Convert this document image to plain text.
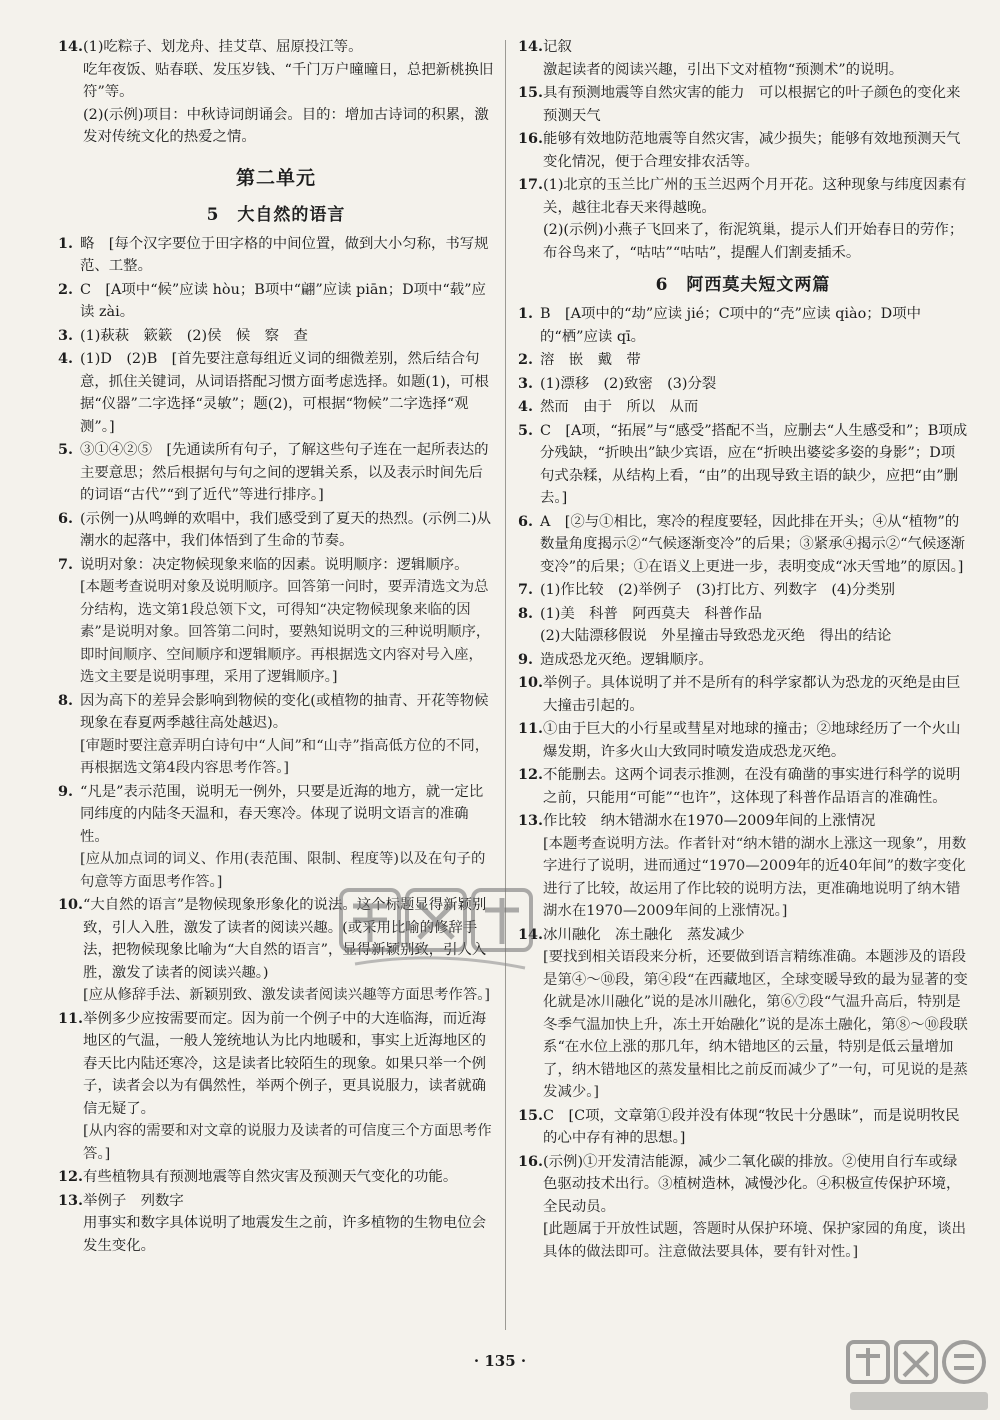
14. (1)吃粽子、划龙舟、挂艾草、屈原投江等。
吃年夜饭、贴春联、发压岁钱、“千门万户曈曈日，总把新桃换旧符”等。
(2)(示例)项目：中秋诗词朗诵会。目的：增加古诗词的积累，激发对传统文化的热爱之情。
第二单元
5　大自然的语言
1. 略　[每个汉字要位于田字格的中间位置，做到大小匀称，书写规范、工整。
2. C　[A项中“候”应读 hòu；B项中“翩”应读 piān；D项中“载”应读 zài。
3. (1)萩萩　簌簌　(2)侯　候　察　查
4. (1)D　(2)B　[首先要注意每组近义词的细微差别，然后结合句意，抓住关键词，从词语搭配习惯方面考虑选择。如题(1)，可根据“仪器”二字选择“灵敏”；题(2)，可根据“物候”二字选择“观测”。]
5. ③①④②⑤　[先通读所有句子，了解这些句子连在一起所表达的主要意思；然后根据句与句之间的逻辑关系，以及表示时间先后的词语“古代”“到了近代”等进行排序。]
6. (示例一)从鸣蝉的欢唱中，我们感受到了夏天的热烈。(示例二)从潮水的起落中，我们体悟到了生命的节奏。
7. 说明对象：决定物候现象来临的因素。说明顺序：逻辑顺序。
[本题考查说明对象及说明顺序。回答第一问时，要弄清选文为总分结构，选文第1段总领下文，可得知“决定物候现象来临的因素”是说明对象。回答第二问时，要熟知说明文的三种说明顺序，即时间顺序、空间顺序和逻辑顺序。再根据选文内容对号入座，选文主要是说明事理，采用了逻辑顺序。]
8. 因为高下的差异会影响到物候的变化(或植物的抽青、开花等物候现象在春夏两季越往高处越迟)。
[审题时要注意弄明白诗句中“人间”和“山寺”指高低方位的不同，再根据选文第4段内容思考作答。]
9. “凡是”表示范围，说明无一例外，只要是近海的地方，就一定比同纬度的内陆冬天温和，春天寒冷。体现了说明文语言的准确性。
[应从加点词的词义、作用(表范围、限制、程度等)以及在句子的句意等方面思考作答。]
10. “大自然的语言”是物候现象形象化的说法。这个标题显得新颖别致，引人入胜，激发了读者的阅读兴趣。(或采用比喻的修辞手法，把物候现象比喻为“大自然的语言”，显得新颖别致，引人入胜，激发了读者的阅读兴趣。)
[应从修辞手法、新颖别致、激发读者阅读兴趣等方面思考作答。]
11. 举例多少应按需要而定。因为前一个例子中的大连临海，而近海地区的气温，一般人笼统地认为比内地暖和，事实上近海地区的春天比内陆还寒冷，这是读者比较陌生的现象。如果只举一个例子，读者会以为有偶然性，举两个例子，更具说服力，读者就确信无疑了。
[从内容的需要和对文章的说服力及读者的可信度三个方面思考作答。]
12. 有些植物具有预测地震等自然灾害及预测天气变化的功能。
13. 举例子　列数字
用事实和数字具体说明了地震发生之前，许多植物的生物电位会发生变化。
14. 记叙
激起读者的阅读兴趣，引出下文对植物“预测术”的说明。
15. 具有预测地震等自然灾害的能力　可以根据它的叶子颜色的变化来预测天气
16. 能够有效地防范地震等自然灾害，减少损失；能够有效地预测天气变化情况，便于合理安排农活等。
17. (1)北京的玉兰比广州的玉兰迟两个月开花。这种现象与纬度因素有关，越往北春天来得越晚。
(2)(示例)小燕子飞回来了，衔泥筑巢，提示人们开始春日的劳作；布谷鸟来了，“咕咕”“咕咕”，提醒人们割麦插禾。
6　阿西莫夫短文两篇
1. B　[A项中的“劫”应读 jié；C项中的“壳”应读 qiào；D项中的“栖”应读 qī。
2. 溶　嵌　戴　带
3. (1)漂移　(2)致密　(3)分裂
4. 然而　由于　所以　从而
5. C　[A项，“拓展”与“感受”搭配不当，应删去“人生感受和”；B项成分残缺，“折映出”缺少宾语，应在“折映出婆娑多姿的身影”；D项句式杂糅，从结构上看，“由”的出现导致主语的缺少，应把“由”删去。]
6. A　[②与①相比，寒冷的程度要轻，因此排在开头；④从“植物”的数量角度揭示②“气候逐渐变冷”的后果；③紧承④揭示②“气候逐渐变冷”的后果；①在语义上更进一步，表明变成“冰天雪地”的原因。]
7. (1)作比较　(2)举例子　(3)打比方、列数字　(4)分类别
8. (1)美　科普　阿西莫夫　科普作品
(2)大陆漂移假说　外星撞击导致恐龙灭绝　得出的结论
9. 造成恐龙灭绝。逻辑顺序。
10. 举例子。具体说明了并不是所有的科学家都认为恐龙的灭绝是由巨大撞击引起的。
11. ①由于巨大的小行星或彗星对地球的撞击；②地球经历了一个火山爆发期，许多火山大致同时喷发造成恐龙灭绝。
12. 不能删去。这两个词表示推测，在没有确凿的事实进行科学的说明之前，只能用“可能”“也许”，这体现了科普作品语言的准确性。
13. 作比较　纳木错湖水在1970—2009年间的上涨情况
[本题考查说明方法。作者针对“纳木错的湖水上涨这一现象”，用数字进行了说明，进而通过“1970—2009年的近40年间”的数字变化进行了比较，故运用了作比较的说明方法，更准确地说明了纳木错湖水在1970—2009年间的上涨情况。]
14. 冰川融化　冻土融化　蒸发减少
[要找到相关语段来分析，还要做到语言精练准确。本题涉及的语段是第④～⑩段，第④段“在西藏地区，全球变暖导致的最为显著的变化就是冰川融化”说的是冰川融化，第⑥⑦段“气温升高后，特别是冬季气温加快上升，冻土开始融化”说的是冻土融化，第⑧～⑩段联系“在水位上涨的那几年，纳木错地区的云量，特别是低云量增加了，纳木错地区的蒸发量相比之前反而减少了”一句，可见说的是蒸发减少。]
15. C　[C项，文章第①段并没有体现“牧民十分愚昧”，而是说明牧民的心中存有神的思想。]
16. (示例)①开发清洁能源，减少二氧化碳的排放。②使用自行车或绿色驱动技术出行。③植树造林，减慢沙化。④积极宣传保护环境，全民动员。
[此题属于开放性试题，答题时从保护环境、保护家园的角度，谈出具体的做法即可。注意做法要具体，要有针对性。]
· 135 ·
